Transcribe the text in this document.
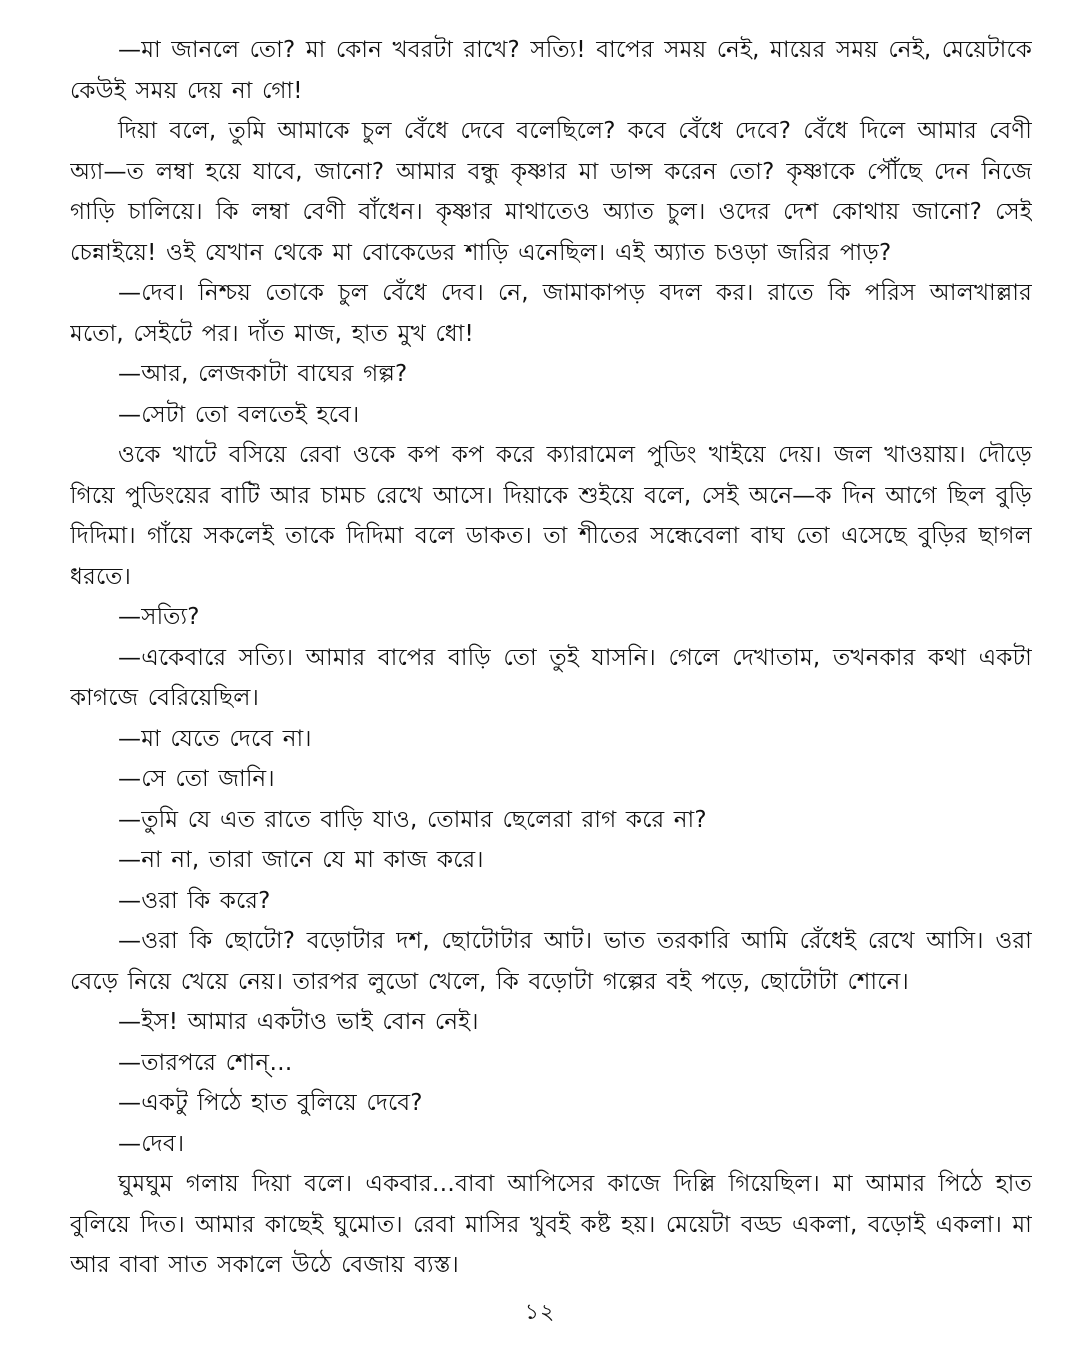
—মা জানলে তো? মা কোন খবরটা রাখে? সত্যি! বাপের সময় নেই, মায়ের সময় নেই, মেয়েটাকে কেউই সময় দেয় না গো!

দিয়া বলে, তুমি আমাকে চুল বেঁধে দেবে বলেছিলে? কবে বেঁধে দেবে? বেঁধে দিলে আমার বেণী অ্যা—ত লম্বা হয়ে যাবে, জানো? আমার বন্ধু কৃষ্ণার মা ডান্স করেন তো? কৃষ্ণাকে পৌঁছে দেন নিজে গাড়ি চালিয়ে। কি লম্বা বেণী বাঁধেন। কৃষ্ণার মাথাতেও অ্যাত চুল। ওদের দেশ কোথায় জানো? সেই চেন্নাইয়ে! ওই যেখান থেকে মা বোকেডের শাড়ি এনেছিল। এই অ্যাত চওড়া জরির পাড়?

—দেব। নিশ্চয় তোকে চুল বেঁধে দেব। নে, জামাকাপড় বদল কর। রাতে কি পরিস আলখাল্লার মতো, সেইটে পর। দাঁত মাজ, হাত মুখ ধো!

—আর, লেজকাটা বাঘের গল্প?

—সেটা তো বলতেই হবে।

ওকে খাটে বসিয়ে রেবা ওকে কপ কপ করে ক্যারামেল পুডিং খাইয়ে দেয়। জল খাওয়ায়। দৌড়ে গিয়ে পুডিংয়ের বাটি আর চামচ রেখে আসে। দিয়াকে শুইয়ে বলে, সেই অনে—ক দিন আগে ছিল বুড়ি দিদিমা। গাঁয়ে সকলেই তাকে দিদিমা বলে ডাকত। তা শীতের সন্ধেবেলা বাঘ তো এসেছে বুড়ির ছাগল ধরতে।

—সত্যি?

—একেবারে সত্যি। আমার বাপের বাড়ি তো তুই যাসনি। গেলে দেখাতাম, তখনকার কথা একটা কাগজে বেরিয়েছিল।

—মা যেতে দেবে না।

—সে তো জানি।

—তুমি যে এত রাতে বাড়ি যাও, তোমার ছেলেরা রাগ করে না?

—না না, তারা জানে যে মা কাজ করে।

—ওরা কি করে?

—ওরা কি ছোটো? বড়োটার দশ, ছোটোটার আট। ভাত তরকারি আমি রেঁধেই রেখে আসি। ওরা বেড়ে নিয়ে খেয়ে নেয়। তারপর লুডো খেলে, কি বড়োটা গল্পের বই পড়ে, ছোটোটা শোনে।

—ইস! আমার একটাও ভাই বোন নেই।

—তারপরে শোন্…

—একটু পিঠে হাত বুলিয়ে দেবে?

—দেব।

ঘুমঘুম গলায় দিয়া বলে। একবার…বাবা আপিসের কাজে দিল্লি গিয়েছিল। মা আমার পিঠে হাত বুলিয়ে দিত। আমার কাছেই ঘুমোত। রেবা মাসির খুবই কষ্ট হয়। মেয়েটা বড্ড একলা, বড়োই একলা। মা আর বাবা সাত সকালে উঠে বেজায় ব্যস্ত।

১২
